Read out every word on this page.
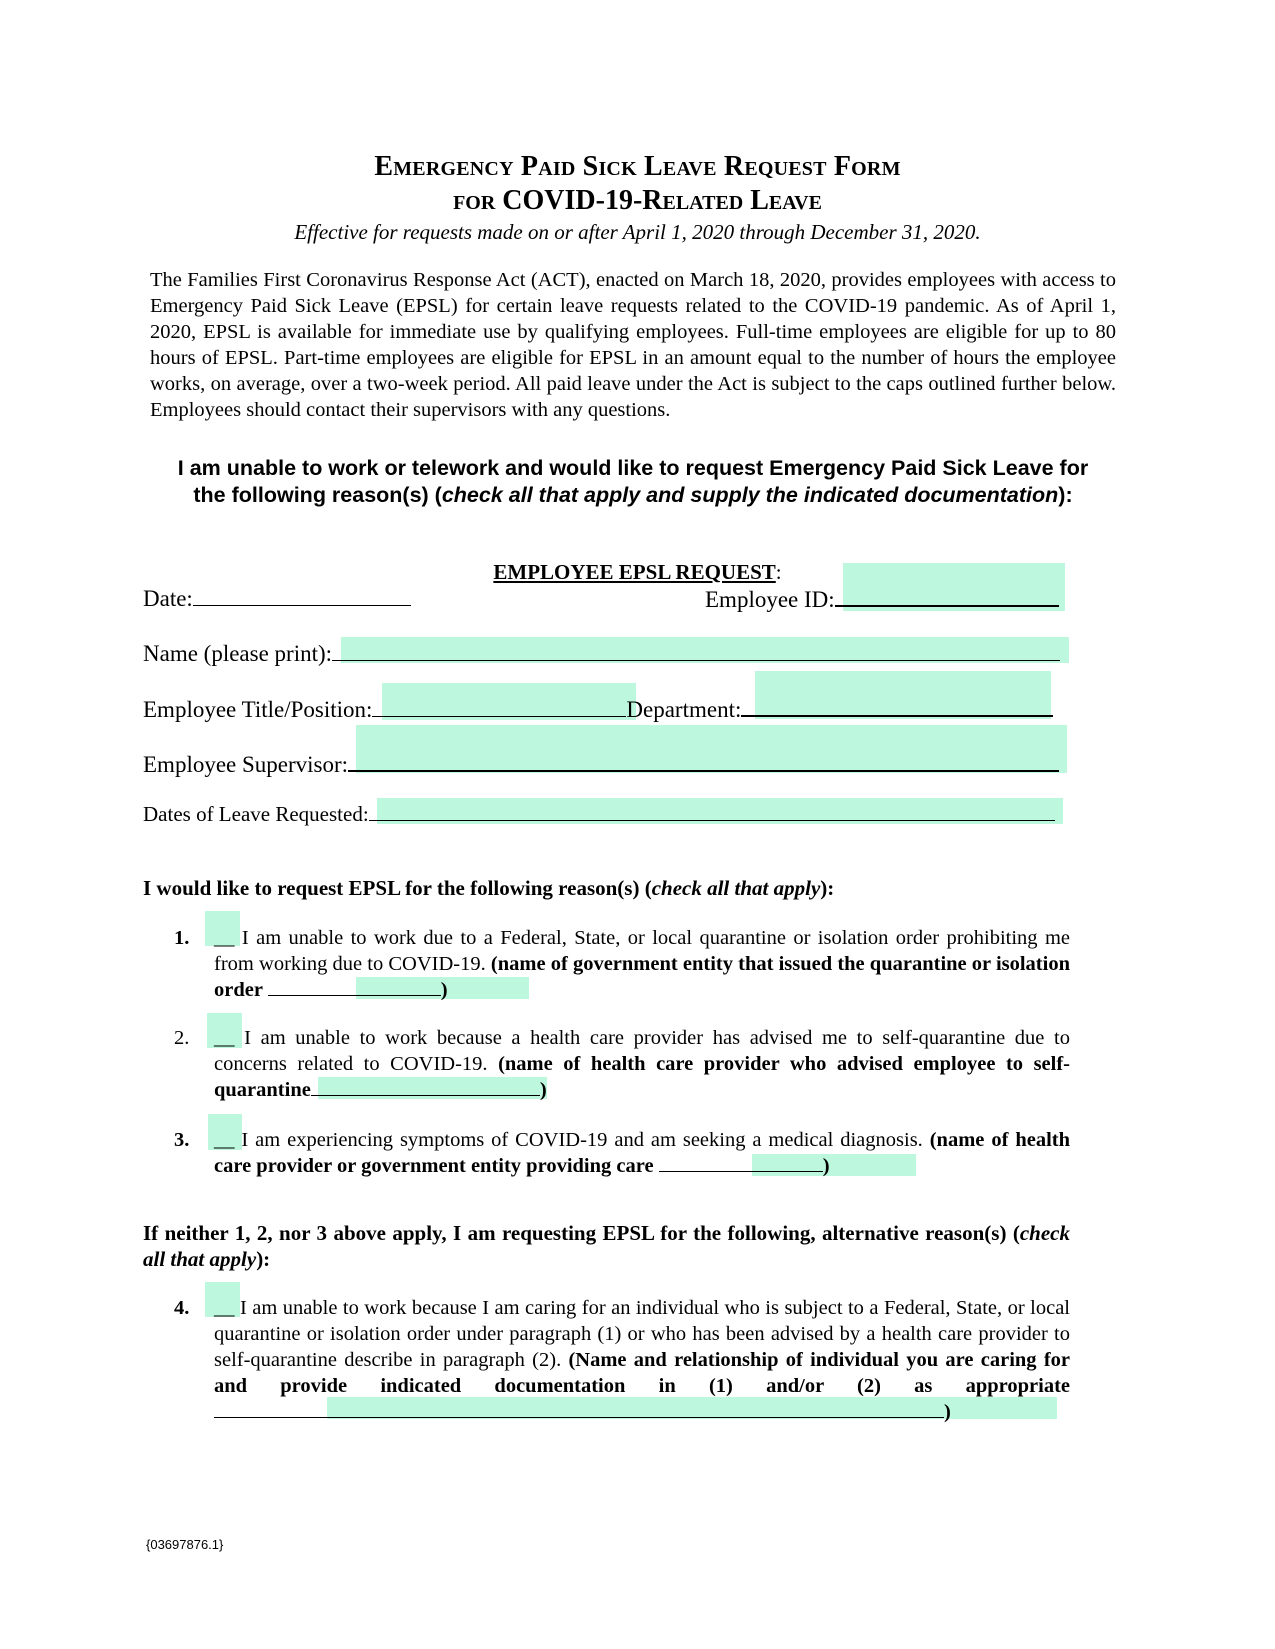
Emergency Paid Sick Leave Request Form
for COVID-19-Related Leave
Effective for requests made on or after April 1, 2020 through December 31, 2020.
The Families First Coronavirus Response Act (ACT), enacted on March 18, 2020, provides employees with access to Emergency Paid Sick Leave (EPSL) for certain leave requests related to the COVID-19 pandemic. As of April 1, 2020, EPSL is available for immediate use by qualifying employees. Full-time employees are eligible for up to 80 hours of EPSL. Part-time employees are eligible for EPSL in an amount equal to the number of hours the employee works, on average, over a two-week period. All paid leave under the Act is subject to the caps outlined further below. Employees should contact their supervisors with any questions.
I am unable to work or telework and would like to request Emergency Paid Sick Leave for
the following reason(s) (check all that apply and supply the indicated documentation):
EMPLOYEE EPSL REQUEST:
Date:	Employee ID:
Name (please print):
Employee Title/Position:	Department:
Employee Supervisor:
Dates of Leave Requested:
I would like to request EPSL for the following reason(s) (check all that apply):
1. __ I am unable to work due to a Federal, State, or local quarantine or isolation order prohibiting me from working due to COVID-19. (name of government entity that issued the quarantine or isolation order	)
2. __ I am unable to work because a health care provider has advised me to self-quarantine due to concerns related to COVID-19. (name of health care provider who advised employee to self-quarantine	)
3. __ I am experiencing symptoms of COVID-19 and am seeking a medical diagnosis. (name of health care provider or government entity providing care	)
If neither 1, 2, nor 3 above apply, I am requesting EPSL for the following, alternative reason(s) (check all that apply):
4. __ I am unable to work because I am caring for an individual who is subject to a Federal, State, or local quarantine or isolation order under paragraph (1) or who has been advised by a health care provider to self-quarantine describe in paragraph (2). (Name and relationship of individual you are caring for and provide indicated documentation in (1) and/or (2) as appropriate)
{03697876.1}
